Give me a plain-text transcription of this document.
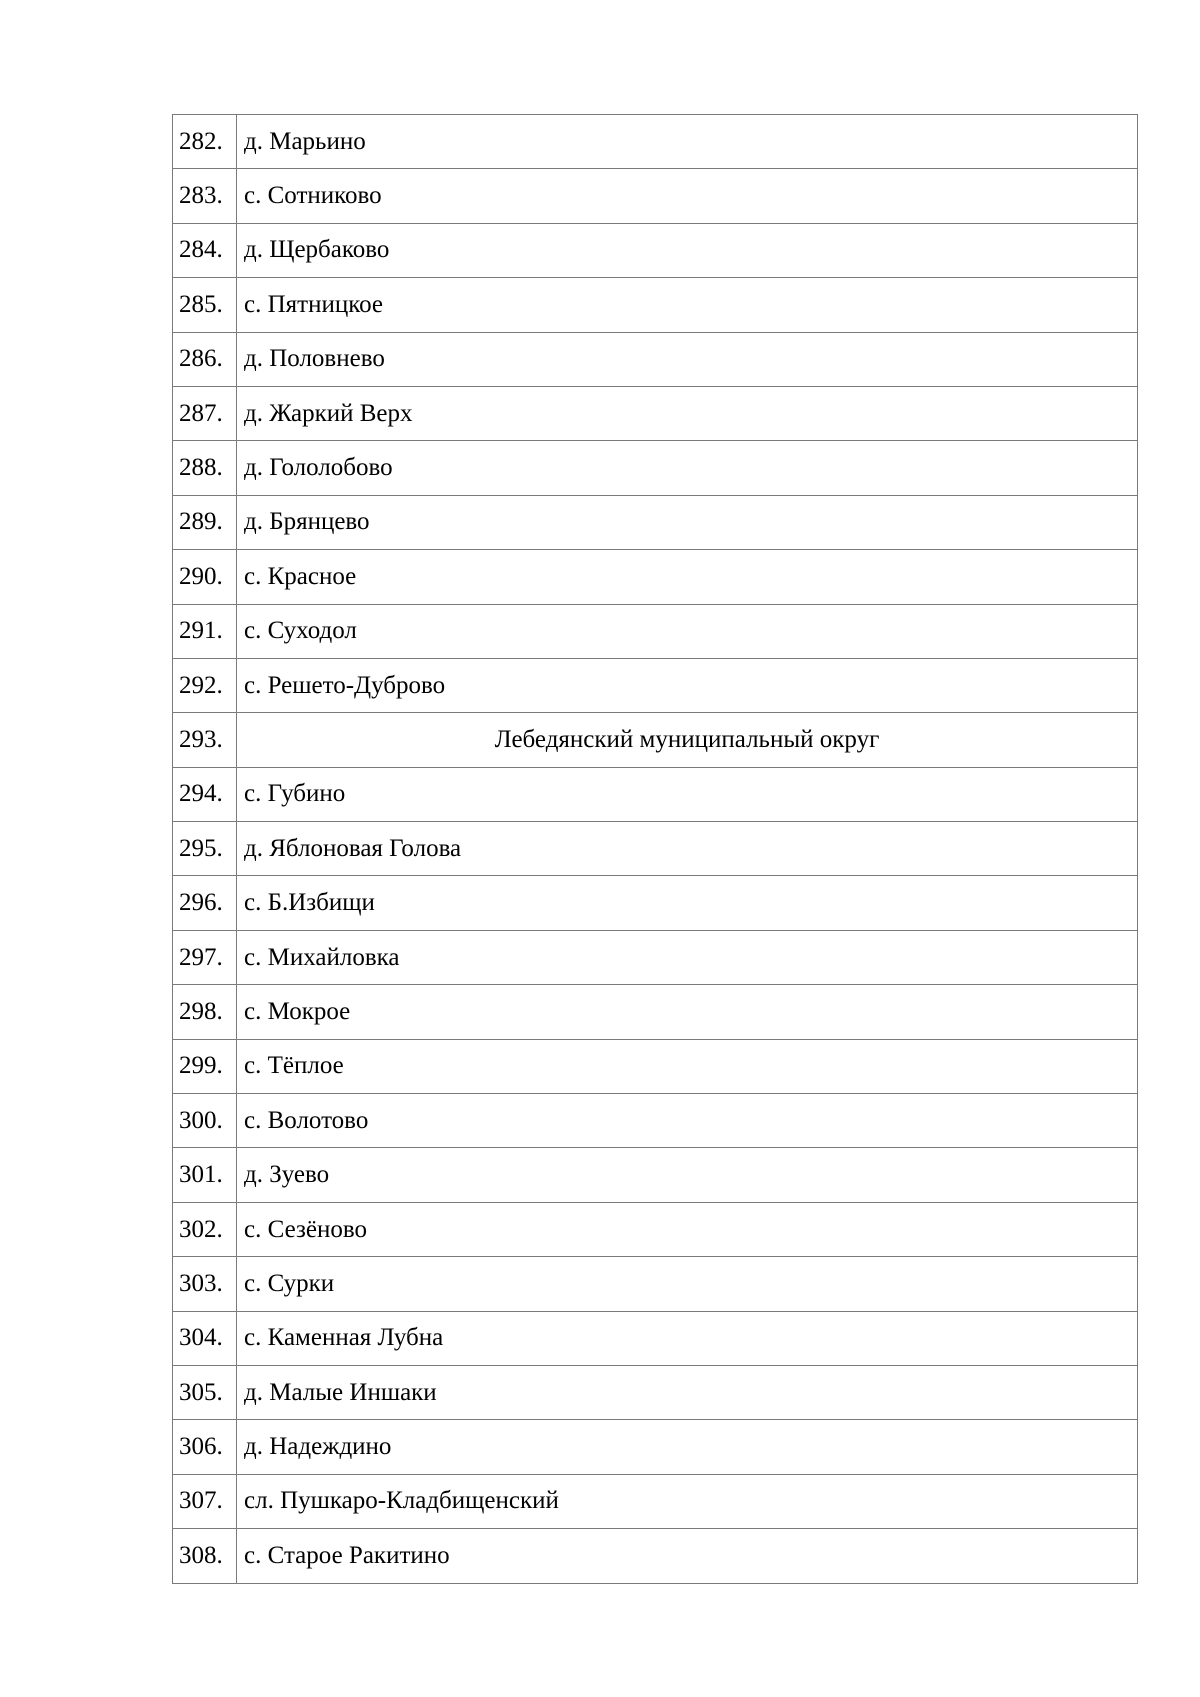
282.	д. Марьино
283.	с. Сотниково
284.	д. Щербаково
285.	с. Пятницкое
286.	д. Половнево
287.	д. Жаркий Верх
288.	д. Гололобово
289.	д. Брянцево
290.	с. Красное
291.	с. Суходол
292.	с. Решето-Дуброво
293.	Лебедянский муниципальный округ
294.	с. Губино
295.	д. Яблоновая Голова
296.	с. Б.Избищи
297.	с. Михайловка
298.	с. Мокрое
299.	с. Тёплое
300.	с. Волотово
301.	д. Зуево
302.	с. Сезёново
303.	с. Сурки
304.	с. Каменная Лубна
305.	д. Малые Иншаки
306.	д. Надеждино
307.	сл. Пушкаро-Кладбищенский
308.	с. Старое Ракитино
